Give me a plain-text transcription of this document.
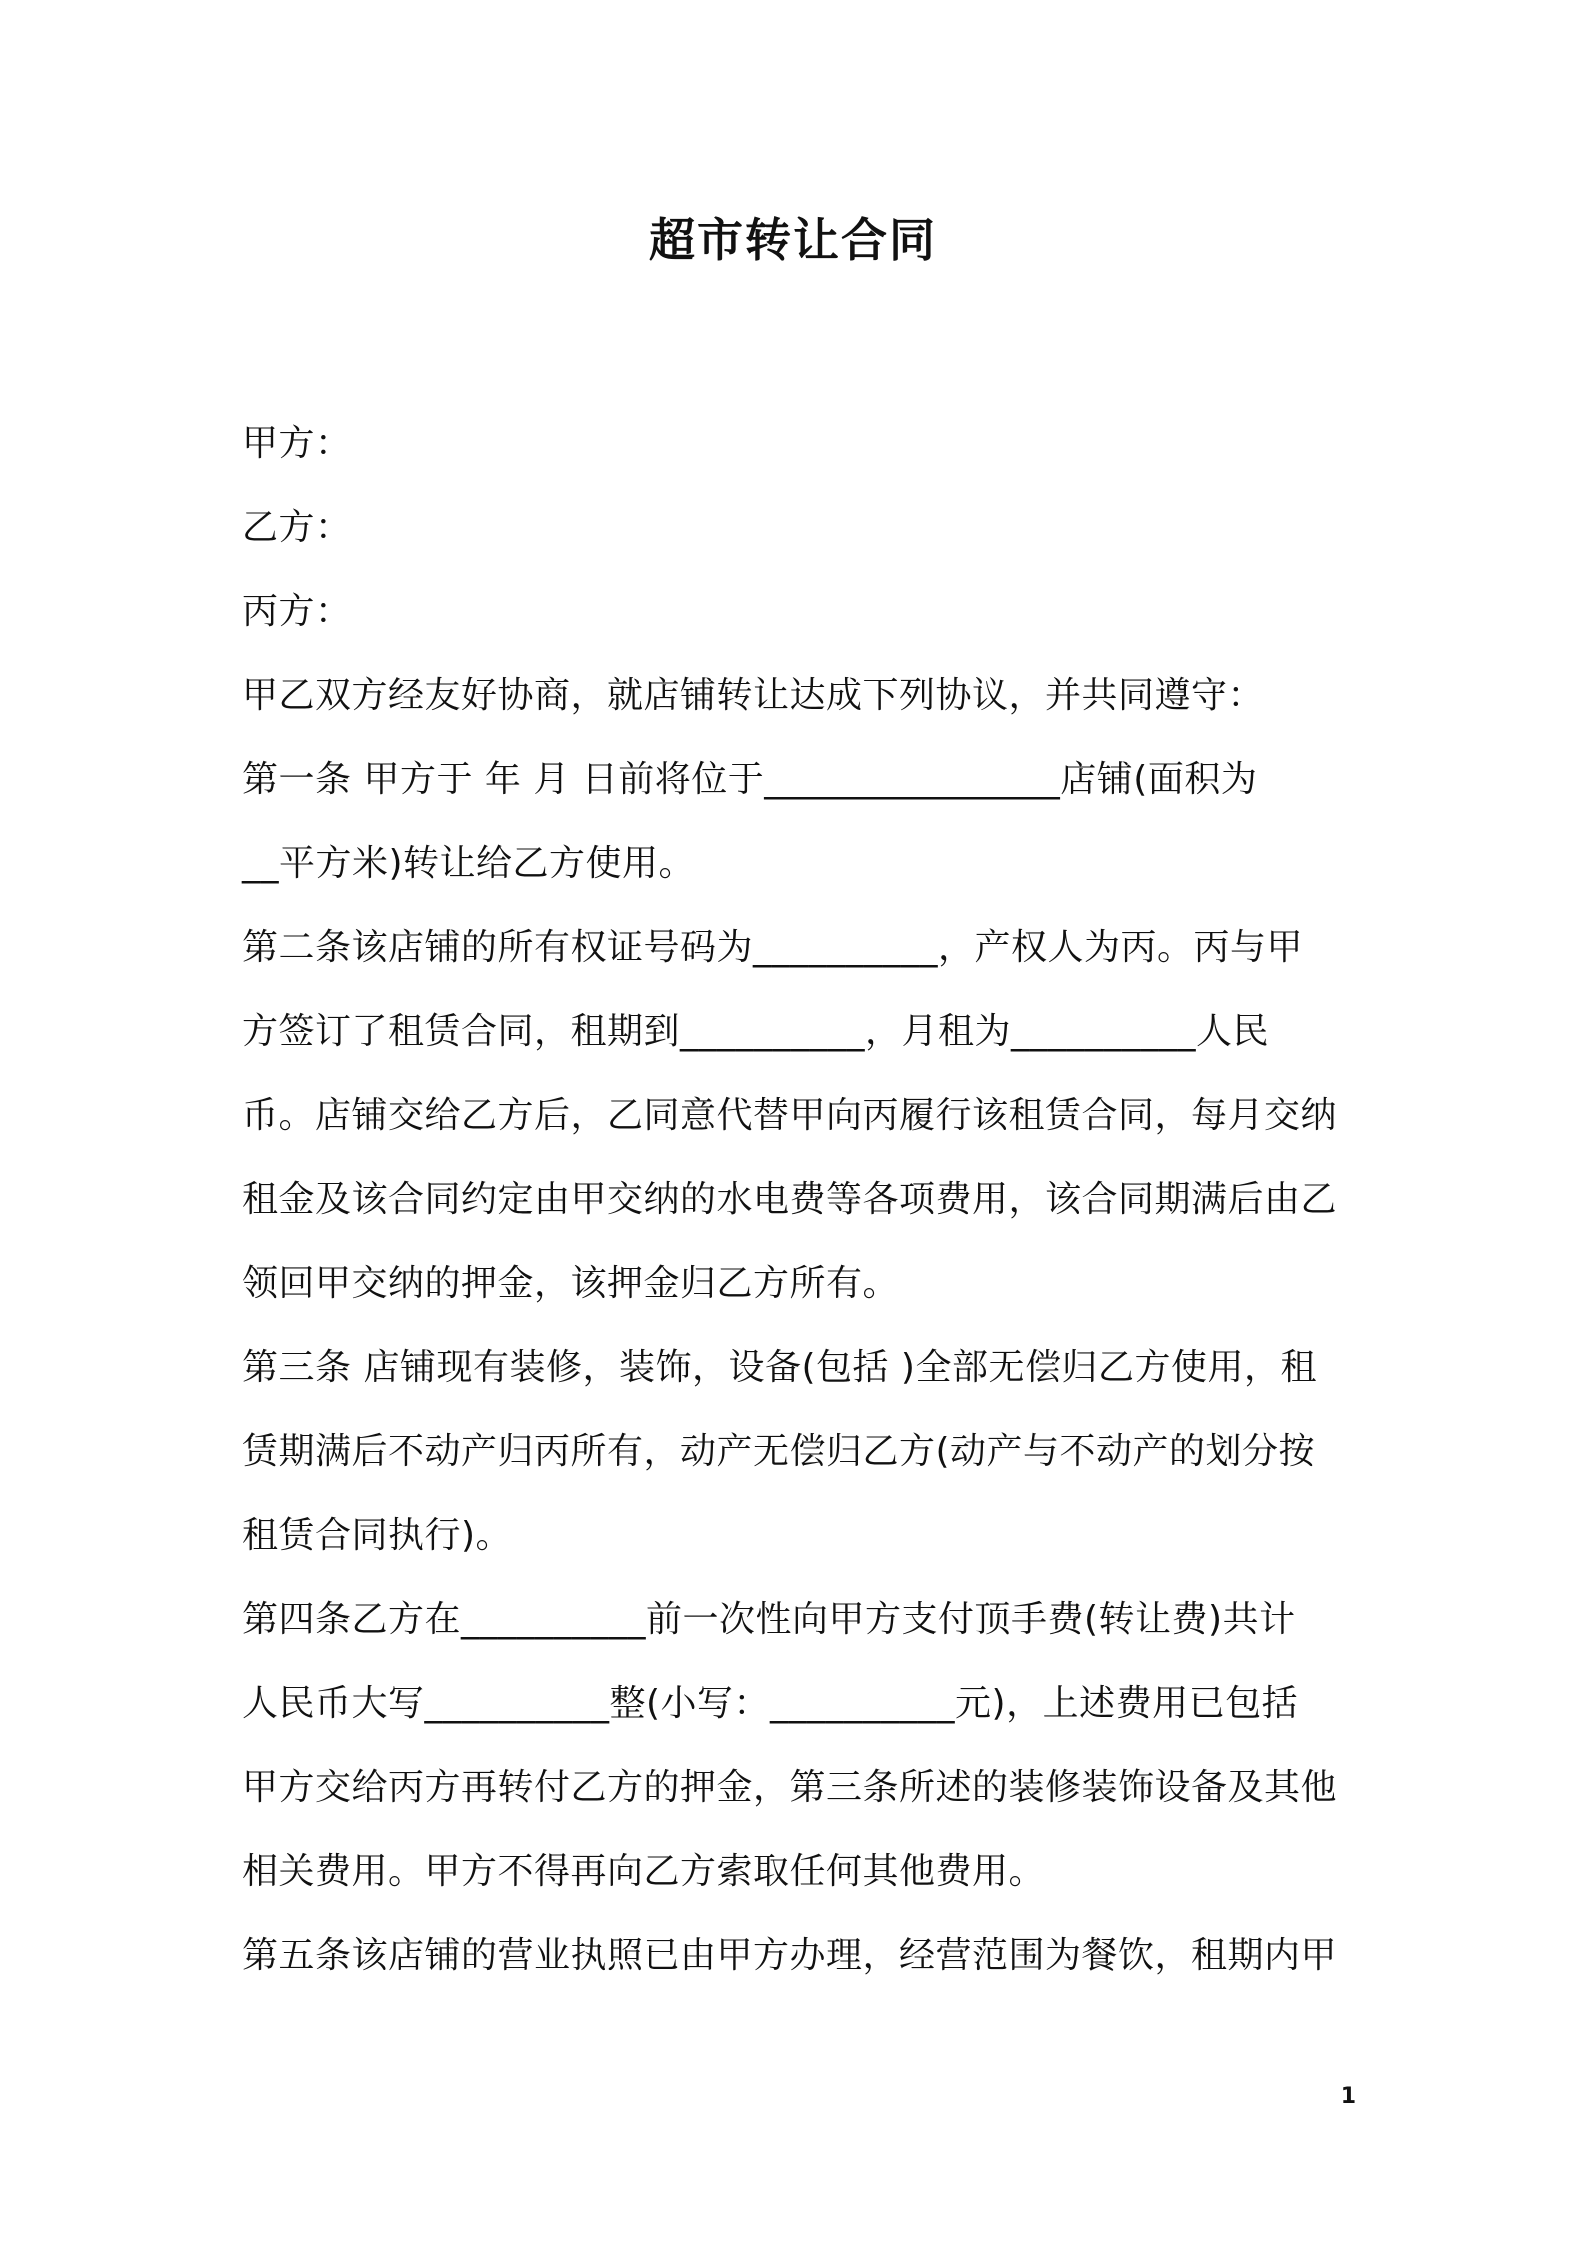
超市转让合同
甲方：
乙方：
丙方：
甲乙双方经友好协商，就店铺转让达成下列协议，并共同遵守：
第一条 甲方于 年 月 日前将位于________________店铺(面积为
__平方米)转让给乙方使用。
第二条该店铺的所有权证号码为__________，产权人为丙。丙与甲
方签订了租赁合同，租期到__________，月租为__________人民
币。店铺交给乙方后，乙同意代替甲向丙履行该租赁合同，每月交纳
租金及该合同约定由甲交纳的水电费等各项费用，该合同期满后由乙
领回甲交纳的押金，该押金归乙方所有。
第三条 店铺现有装修，装饰，设备(包括 )全部无偿归乙方使用，租
赁期满后不动产归丙所有，动产无偿归乙方(动产与不动产的划分按
租赁合同执行)。
第四条乙方在__________前一次性向甲方支付顶手费(转让费)共计
人民币大写__________整(小写：__________元)，上述费用已包括
甲方交给丙方再转付乙方的押金，第三条所述的装修装饰设备及其他
相关费用。甲方不得再向乙方索取任何其他费用。
第五条该店铺的营业执照已由甲方办理，经营范围为餐饮，租期内甲
1
